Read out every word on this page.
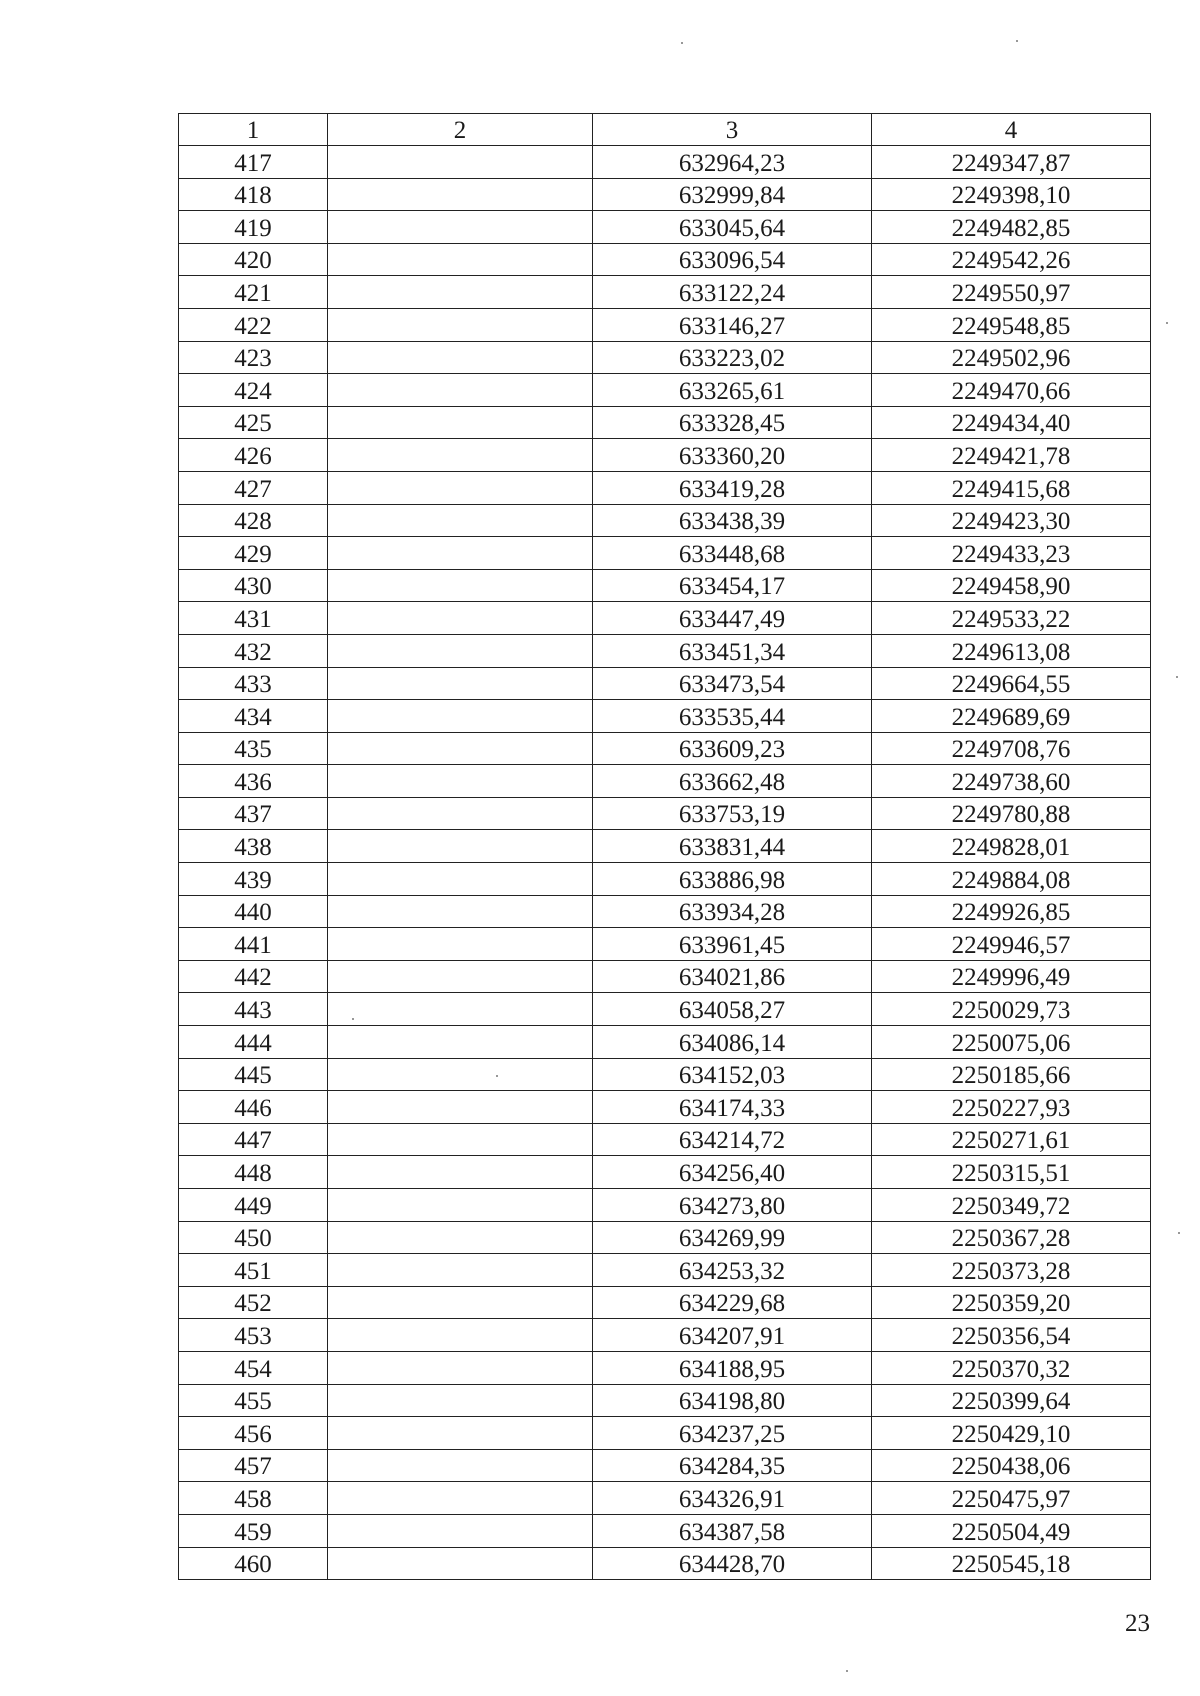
1	2	3	4
417		632964,23	2249347,87
418		632999,84	2249398,10
419		633045,64	2249482,85
420		633096,54	2249542,26
421		633122,24	2249550,97
422		633146,27	2249548,85
423		633223,02	2249502,96
424		633265,61	2249470,66
425		633328,45	2249434,40
426		633360,20	2249421,78
427		633419,28	2249415,68
428		633438,39	2249423,30
429		633448,68	2249433,23
430		633454,17	2249458,90
431		633447,49	2249533,22
432		633451,34	2249613,08
433		633473,54	2249664,55
434		633535,44	2249689,69
435		633609,23	2249708,76
436		633662,48	2249738,60
437		633753,19	2249780,88
438		633831,44	2249828,01
439		633886,98	2249884,08
440		633934,28	2249926,85
441		633961,45	2249946,57
442		634021,86	2249996,49
443		634058,27	2250029,73
444		634086,14	2250075,06
445		634152,03	2250185,66
446		634174,33	2250227,93
447		634214,72	2250271,61
448		634256,40	2250315,51
449		634273,80	2250349,72
450		634269,99	2250367,28
451		634253,32	2250373,28
452		634229,68	2250359,20
453		634207,91	2250356,54
454		634188,95	2250370,32
455		634198,80	2250399,64
456		634237,25	2250429,10
457		634284,35	2250438,06
458		634326,91	2250475,97
459		634387,58	2250504,49
460		634428,70	2250545,18
23
